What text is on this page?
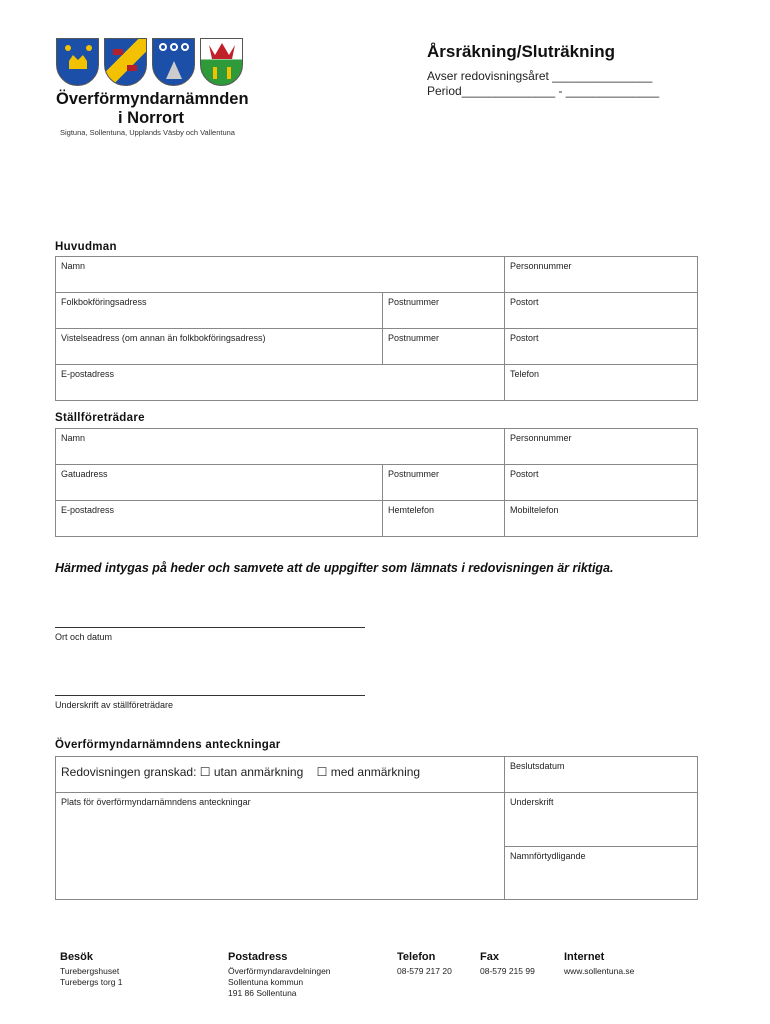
Överförmyndarnämnden
i Norrort
Sigtuna, Sollentuna, Upplands Väsby och Vallentuna
Årsräkning/Sluträkning
Avser redovisningsåret _______________
Period______________ - ______________
Huvudman
Namn	Personnummer
Folkbokföringsadress	Postnummer	Postort
Vistelseadress (om annan än folkbokföringsadress)	Postnummer	Postort
E-postadress	Telefon
Ställföreträdare
Namn	Personnummer
Gatuadress	Postnummer	Postort
E-postadress	Hemtelefon	Mobiltelefon
Härmed intygas på heder och samvete att de uppgifter som lämnats i redovisningen är riktiga.
Ort och datum
Underskrift av ställföreträdare
Överförmyndarnämndens anteckningar
Redovisningen granskad: ☐ utan anmärkning ☐ med anmärkning	Beslutsdatum
Plats för överförmyndarnämndens anteckningar	Underskrift
Namnförtydligande
Besök
Turebergshuset
Turebergs torg 1
Postadress
Överförmyndaravdelningen
Sollentuna kommun
191 86 Sollentuna
Telefon
08-579 217 20
Fax
08-579 215 99
Internet
www.sollentuna.se
